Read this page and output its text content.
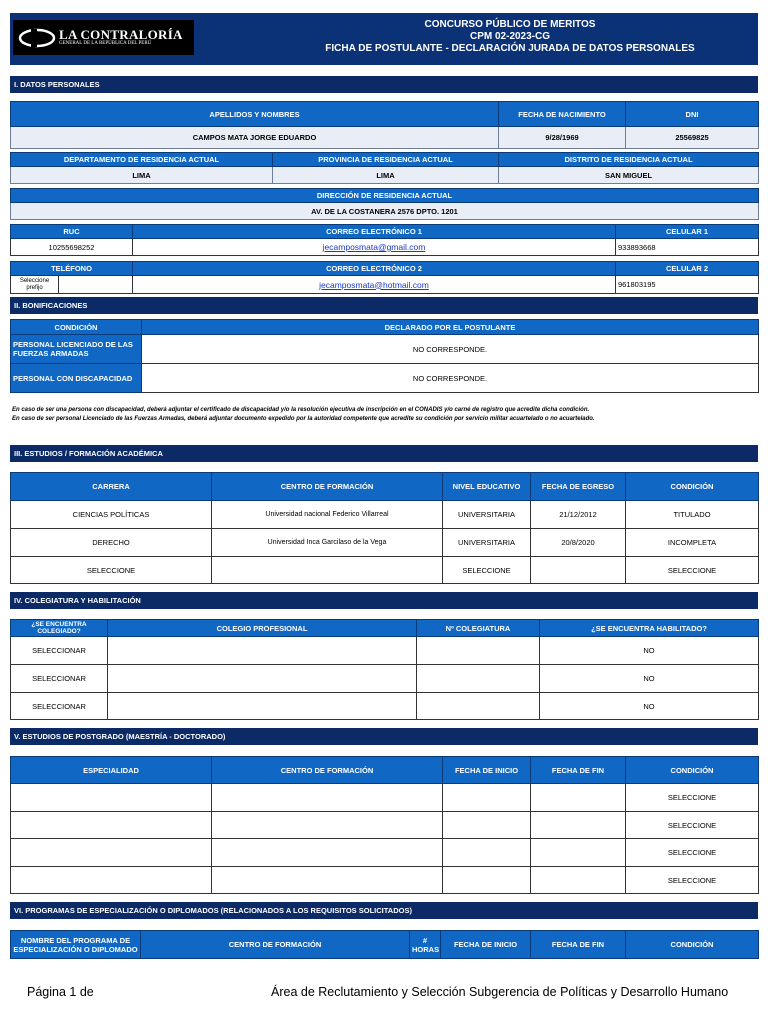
LA CONTRALORÍA
GENERAL DE LA REPÚBLICA DEL PERÚ
CONCURSO PÚBLICO DE MERITOS
CPM 02-2023-CG
FICHA DE POSTULANTE - DECLARACIÓN JURADA DE DATOS PERSONALES
I. DATOS PERSONALES
APELLIDOS Y NOMBRES	FECHA DE NACIMIENTO	DNI
CAMPOS MATA JORGE EDUARDO	9/28/1969	25569825
DEPARTAMENTO DE RESIDENCIA ACTUAL	PROVINCIA DE RESIDENCIA ACTUAL	DISTRITO DE RESIDENCIA ACTUAL
LIMA	LIMA	SAN MIGUEL
DIRECCIÓN DE RESIDENCIA ACTUAL
AV. DE LA COSTANERA 2576 DPTO. 1201
RUC	CORREO ELECTRÓNICO 1	CELULAR 1
10255698252	jecamposmata@gmail.com	933893668
TELÉFONO		CORREO ELECTRÓNICO 2	CELULAR 2
Seleccione prefijo		jecamposmata@hotmail.com	961803195
II. BONIFICACIONES
CONDICIÓN	DECLARADO POR EL POSTULANTE
PERSONAL LICENCIADO DE LAS FUERZAS ARMADAS	NO CORRESPONDE.
PERSONAL CON DISCAPACIDAD	NO CORRESPONDE.
En caso de ser una persona con discapacidad, deberá adjuntar el certificado de discapacidad y/o la resolución ejecutiva de inscripción en el CONADIS y/o carné de registro que acredite dicha condición.
En caso de ser personal Licenciado de las Fuerzas Armadas, deberá adjuntar documento expedido por la autoridad competente que acredite su condición por servicio militar acuartelado o no acuartelado.
III. ESTUDIOS / FORMACIÓN ACADÉMICA
CARRERA	CENTRO DE FORMACIÓN	NIVEL EDUCATIVO	FECHA DE EGRESO	CONDICIÓN
CIENCIAS POLÍTICAS	Universidad nacional Federico Villarreal	UNIVERSITARIA	21/12/2012	TITULADO
DERECHO	Universidad Inca Garcilaso de la Vega	UNIVERSITARIA	20/8/2020	INCOMPLETA
SELECCIONE		SELECCIONE		SELECCIONE
IV. COLEGIATURA Y HABILITACIÓN
¿SE ENCUENTRA COLEGIADO?	COLEGIO PROFESIONAL	Nº COLEGIATURA	¿SE ENCUENTRA HABILITADO?
SELECCIONAR			NO
SELECCIONAR			NO
SELECCIONAR			NO
V. ESTUDIOS DE POSTGRADO (MAESTRÍA - DOCTORADO)
ESPECIALIDAD	CENTRO DE FORMACIÓN	FECHA DE INICIO	FECHA DE FIN	CONDICIÓN
				SELECCIONE
				SELECCIONE
				SELECCIONE
				SELECCIONE
VI. PROGRAMAS DE ESPECIALIZACIÓN O DIPLOMADOS (RELACIONADOS A LOS REQUISITOS SOLICITADOS)
NOMBRE DEL PROGRAMA DE ESPECIALIZACIÓN O DIPLOMADO	CENTRO DE FORMACIÓN	# HORAS	FECHA DE INICIO	FECHA DE FIN	CONDICIÓN
Página 1 de	Área de Reclutamiento y Selección Subgerencia de Políticas y Desarrollo Humano
